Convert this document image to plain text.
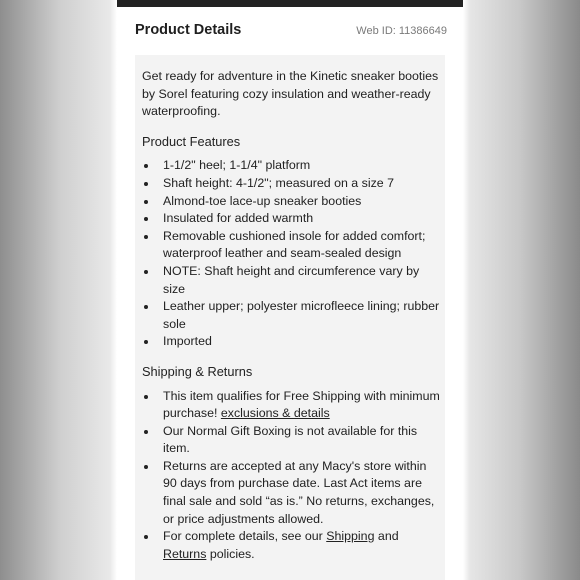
Product Details	Web ID: 11386649

Get ready for adventure in the Kinetic sneaker booties by Sorel featuring cozy insulation and weather-ready waterproofing.

Product Features
1-1/2" heel; 1-1/4" platform
Shaft height: 4-1/2"; measured on a size 7
Almond-toe lace-up sneaker booties
Insulated for added warmth
Removable cushioned insole for added comfort; waterproof leather and seam-sealed design
NOTE: Shaft height and circumference vary by size
Leather upper; polyester microfleece lining; rubber sole
Imported
Shipping & Returns
This item qualifies for Free Shipping with minimum purchase! exclusions & details
Our Normal Gift Boxing is not available for this item.
Returns are accepted at any Macy's store within 90 days from purchase date. Last Act items are final sale and sold “as is.” No returns, exchanges, or price adjustments allowed.
For complete details, see our Shipping and Returns policies.
